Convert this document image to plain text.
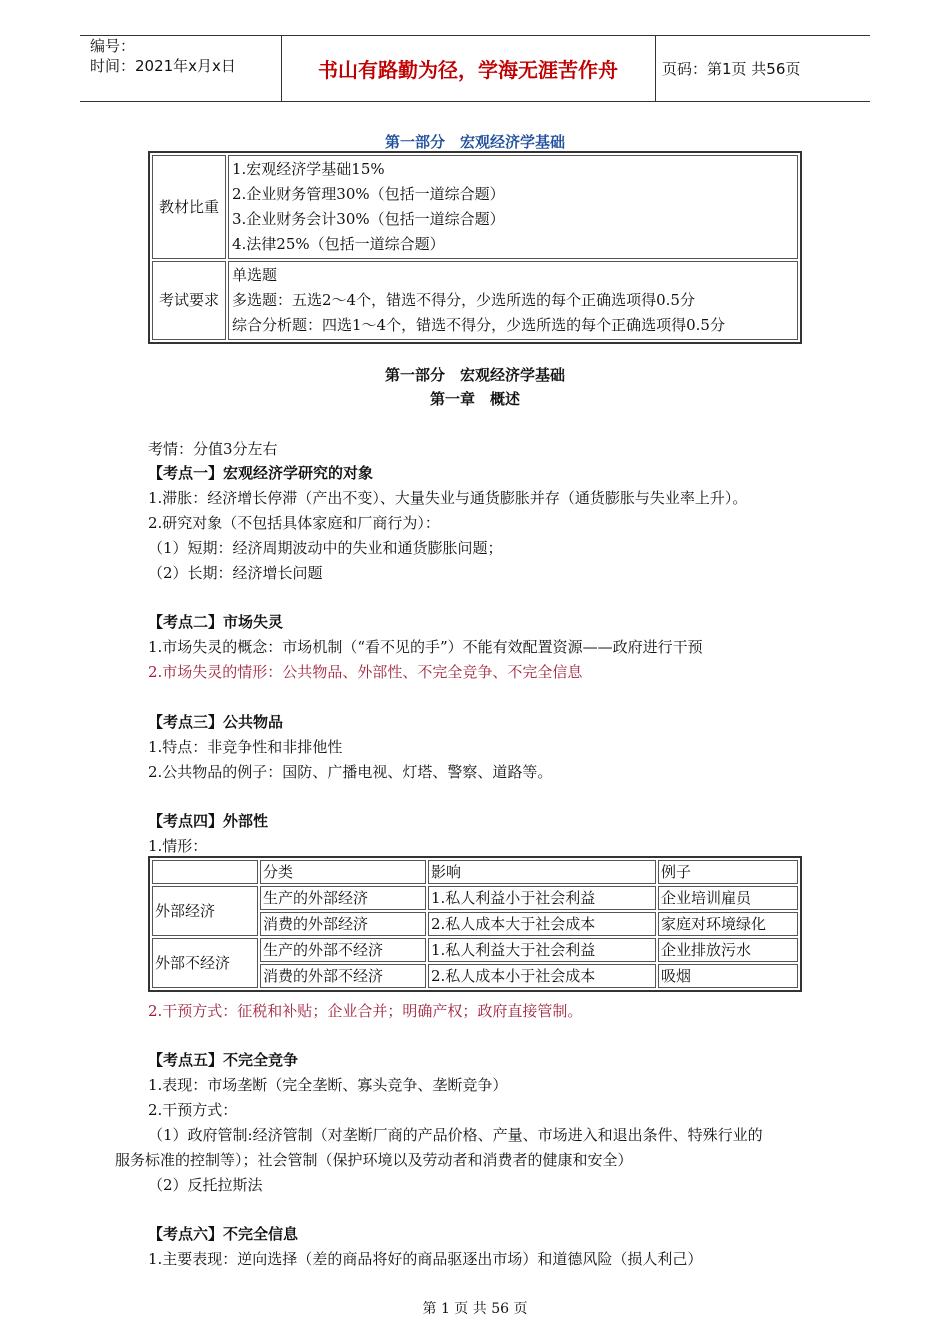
编号：
时间：2021年x月x日	书山有路勤为径，学海无涯苦作舟	页码：第1页 共56页
第一部分　宏观经济学基础
教材比重	1.宏观经济学基础15%
2.企业财务管理30%（包括一道综合题）
3.企业财务会计30%（包括一道综合题）
4.法律25%（包括一道综合题）

考试要求	单选题
多选题：五选2～4个，错选不得分，少选所选的每个正确选项得0.5分
综合分析题：四选1～4个，错选不得分，少选所选的每个正确选项得0.5分
第一部分　宏观经济学基础
第一章　概述
考情：分值3分左右
【考点一】宏观经济学研究的对象
1.滞胀：经济增长停滞（产出不变）、大量失业与通货膨胀并存（通货膨胀与失业率上升）。
2.研究对象（不包括具体家庭和厂商行为）：
（1）短期：经济周期波动中的失业和通货膨胀问题；
（2）长期：经济增长问题
【考点二】市场失灵
1.市场失灵的概念：市场机制（“看不见的手”）不能有效配置资源——政府进行干预
2.市场失灵的情形：公共物品、外部性、不完全竞争、不完全信息
【考点三】公共物品
1.特点：非竞争性和非排他性
2.公共物品的例子：国防、广播电视、灯塔、警察、道路等。
【考点四】外部性
1.情形：
	分类	影响	例子
外部经济	生产的外部经济	1.私人利益小于社会利益	企业培训雇员
	消费的外部经济	2.私人成本大于社会成本	家庭对环境绿化
外部不经济	生产的外部不经济	1.私人利益大于社会利益	企业排放污水
	消费的外部不经济	2.私人成本小于社会成本	吸烟
2.干预方式：征税和补贴；企业合并；明确产权；政府直接管制。
【考点五】不完全竞争
1.表现：市场垄断（完全垄断、寡头竞争、垄断竞争）
2.干预方式：
（1）政府管制:经济管制（对垄断厂商的产品价格、产量、市场进入和退出条件、特殊行业的
服务标准的控制等）；社会管制（保护环境以及劳动者和消费者的健康和安全）
（2）反托拉斯法
【考点六】不完全信息
1.主要表现：逆向选择（差的商品将好的商品驱逐出市场）和道德风险（损人利己）
第 1 页 共 56 页
